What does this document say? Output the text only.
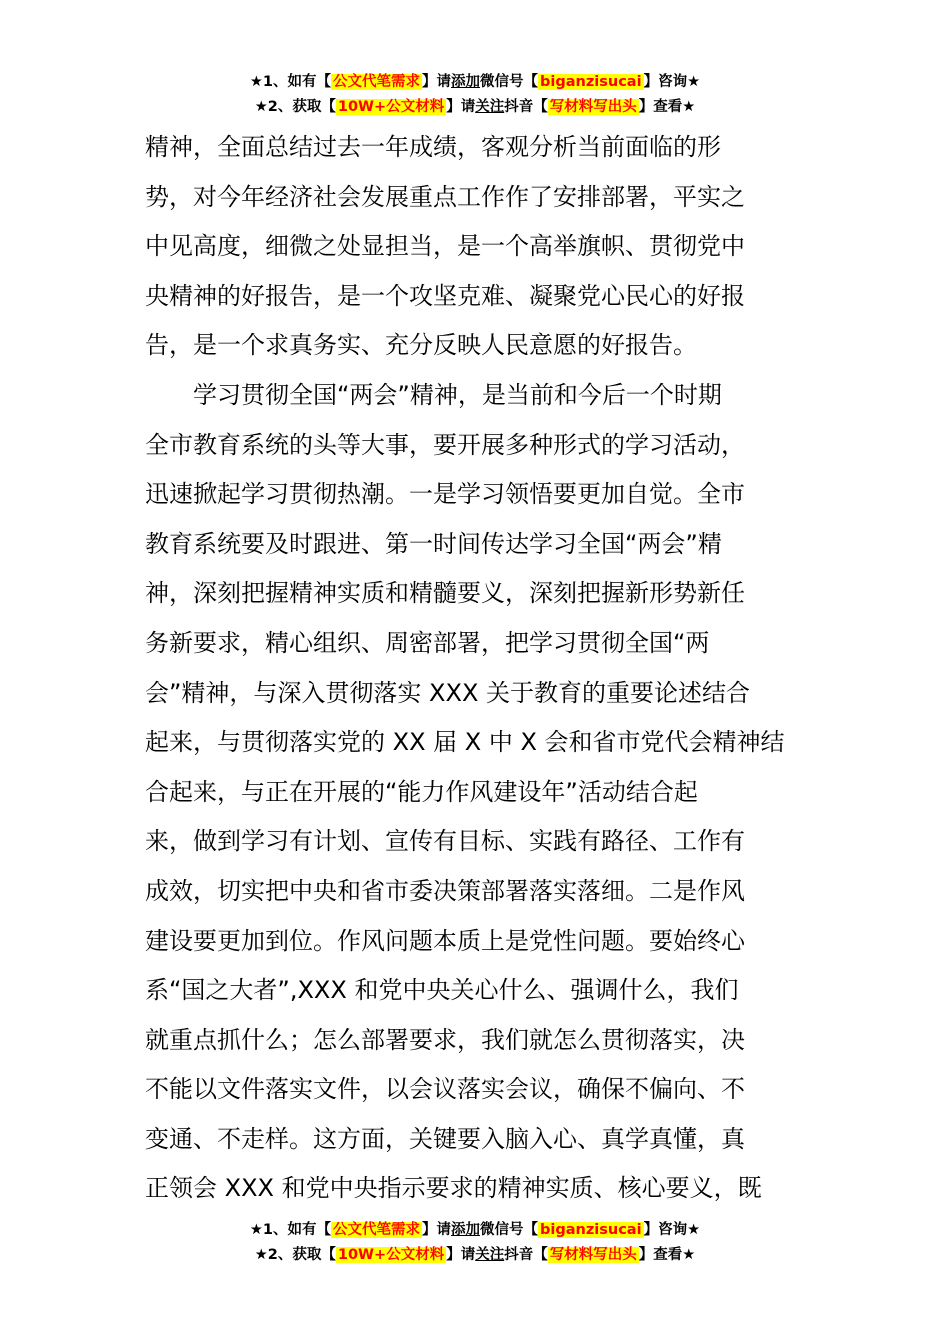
★1、如有【 公文代笔需求 】请添加微信号【 biganzisucai 】咨询★
★2、获取【 10W+公文材料 】请关注抖音【 写材料写出头 】查看★

精神，全面总结过去一年成绩，客观分析当前面临的形

势，对今年经济社会发展重点工作作了安排部署，平实之

中见高度，细微之处显担当，是一个高举旗帜、贯彻党中

央精神的好报告，是一个攻坚克难、凝聚党心民心的好报

告，是一个求真务实、充分反映人民意愿的好报告。

　　学习贯彻全国“两会”精神，是当前和今后一个时期

全市教育系统的头等大事，要开展多种形式的学习活动，

迅速掀起学习贯彻热潮。一是学习领悟要更加自觉。全市

教育系统要及时跟进、第一时间传达学习全国“两会”精

神，深刻把握精神实质和精髓要义，深刻把握新形势新任

务新要求，精心组织、周密部署，把学习贯彻全国“两

会”精神，与深入贯彻落实 XXX 关于教育的重要论述结合

起来，与贯彻落实党的 XX 届 X 中 X 会和省市党代会精神结

合起来，与正在开展的“能力作风建设年”活动结合起

来，做到学习有计划、宣传有目标、实践有路径、工作有

成效，切实把中央和省市委决策部署落实落细。二是作风

建设要更加到位。作风问题本质上是党性问题。要始终心

系“国之大者”,XXX 和党中央关心什么、强调什么，我们

就重点抓什么；怎么部署要求，我们就怎么贯彻落实，决

不能以文件落实文件，以会议落实会议，确保不偏向、不

变通、不走样。这方面，关键要入脑入心、真学真懂，真

正领会 XXX 和党中央指示要求的精神实质、核心要义，既

★1、如有【 公文代笔需求 】请添加微信号【 biganzisucai 】咨询★
★2、获取【 10W+公文材料 】请关注抖音【 写材料写出头 】查看★
